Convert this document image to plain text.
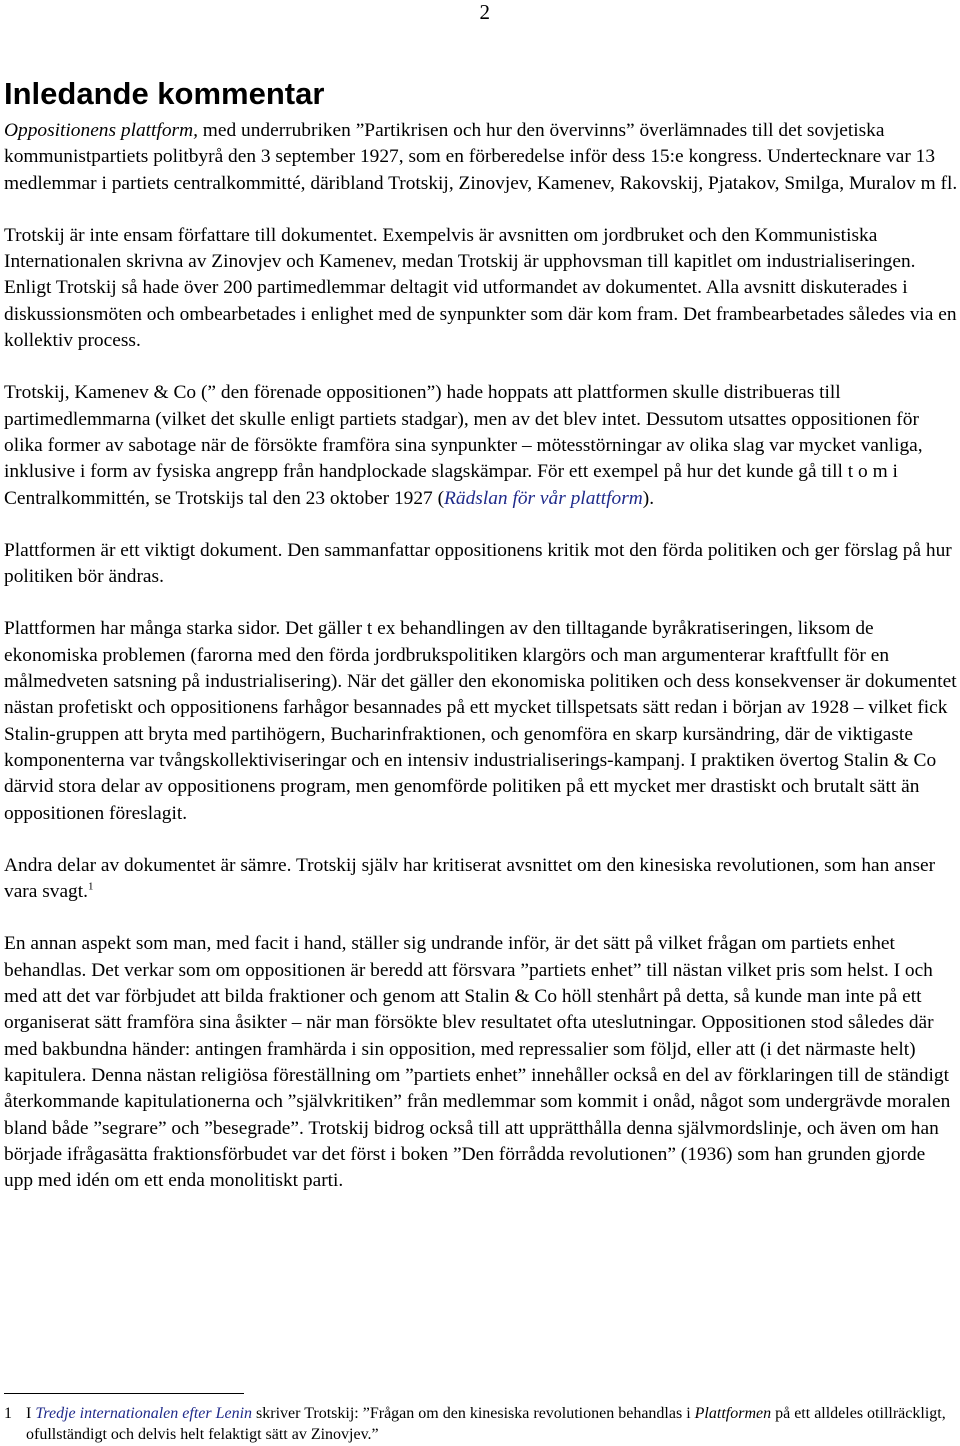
2
Inledande kommentar

Oppositionens plattform, med underrubriken ”Partikrisen och hur den övervinns” överlämnades till det sovjetiska kommunistpartiets politbyrå den 3 september 1927, som en förberedelse inför dess 15:e kongress. Undertecknare var 13 medlemmar i partiets centralkommitté, däribland Trotskij, Zinovjev, Kamenev, Rakovskij, Pjatakov, Smilga, Muralov m fl.

Trotskij är inte ensam författare till dokumentet. Exempelvis är avsnitten om jordbruket och den Kommunistiska Internationalen skrivna av Zinovjev och Kamenev, medan Trotskij är upphovsman till kapitlet om industrialiseringen. Enligt Trotskij så hade över 200 partimedlemmar deltagit vid utformandet av dokumentet. Alla avsnitt diskuterades i diskussionsmöten och ombearbetades i enlighet med de synpunkter som där kom fram. Det frambearbetades således via en kollektiv process.

Trotskij, Kamenev & Co (” den förenade oppositionen”) hade hoppats att plattformen skulle distribueras till partimedlemmarna (vilket det skulle enligt partiets stadgar), men av det blev intet. Dessutom utsattes oppositionen för olika former av sabotage när de försökte framföra sina synpunkter – mötesstörningar av olika slag var mycket vanliga, inklusive i form av fysiska angrepp från handplockade slagskämpar. För ett exempel på hur det kunde gå till t o m i Centralkommittén, se Trotskijs tal den 23 oktober 1927 (Rädslan för vår plattform).

Plattformen är ett viktigt dokument. Den sammanfattar oppositionens kritik mot den förda politiken och ger förslag på hur politiken bör ändras.

Plattformen har många starka sidor. Det gäller t ex behandlingen av den tilltagande byråkratiseringen, liksom de ekonomiska problemen (farorna med den förda jordbrukspolitiken klargörs och man argumenterar kraftfullt för en målmedveten satsning på industrialisering). När det gäller den ekonomiska politiken och dess konsekvenser är dokumentet nästan profetiskt och oppositionens farhågor besannades på ett mycket tillspetsats sätt redan i början av 1928 – vilket fick Stalin-gruppen att bryta med partihögern, Bucharinfraktionen, och genomföra en skarp kursändring, där de viktigaste komponenterna var tvångskollektiviseringar och en intensiv industrialiserings-kampanj. I praktiken övertog Stalin & Co därvid stora delar av oppositionens program, men genomförde politiken på ett mycket mer drastiskt och brutalt sätt än oppositionen föreslagit.

Andra delar av dokumentet är sämre. Trotskij själv har kritiserat avsnittet om den kinesiska revolutionen, som han anser vara svagt.$^1$

En annan aspekt som man, med facit i hand, ställer sig undrande inför, är det sätt på vilket frågan om partiets enhet behandlas. Det verkar som om oppositionen är beredd att försvara ”partiets enhet” till nästan vilket pris som helst. I och med att det var förbjudet att bilda fraktioner och genom att Stalin & Co höll stenhårt på detta, så kunde man inte på ett organiserat sätt framföra sina åsikter – när man försökte blev resultatet ofta uteslutningar. Oppositionen stod således där med bakbundna händer: antingen framhärda i sin opposition, med repressalier som följd, eller att (i det närmaste helt) kapitulera. Denna nästan religiösa föreställning om ”partiets enhet” innehåller också en del av förklaringen till de ständigt återkommande kapitulationerna och ”självkritiken” från medlemmar som kommit i onåd, något som undergrävde moralen bland både ”segrare” och ”besegrade”. Trotskij bidrog också till att upprätthålla denna självmordslinje, och även om han började ifrågasätta fraktionsförbudet var det först i boken ”Den förrådda revolutionen” (1936) som han grunden gjorde upp med idén om ett enda monolitiskt parti.

1 I Tredje internationalen efter Lenin skriver Trotskij: ”Frågan om den kinesiska revolutionen behandlas i Plattformen på ett alldeles otillräckligt, ofullständigt och delvis helt felaktigt sätt av Zinovjev.”
